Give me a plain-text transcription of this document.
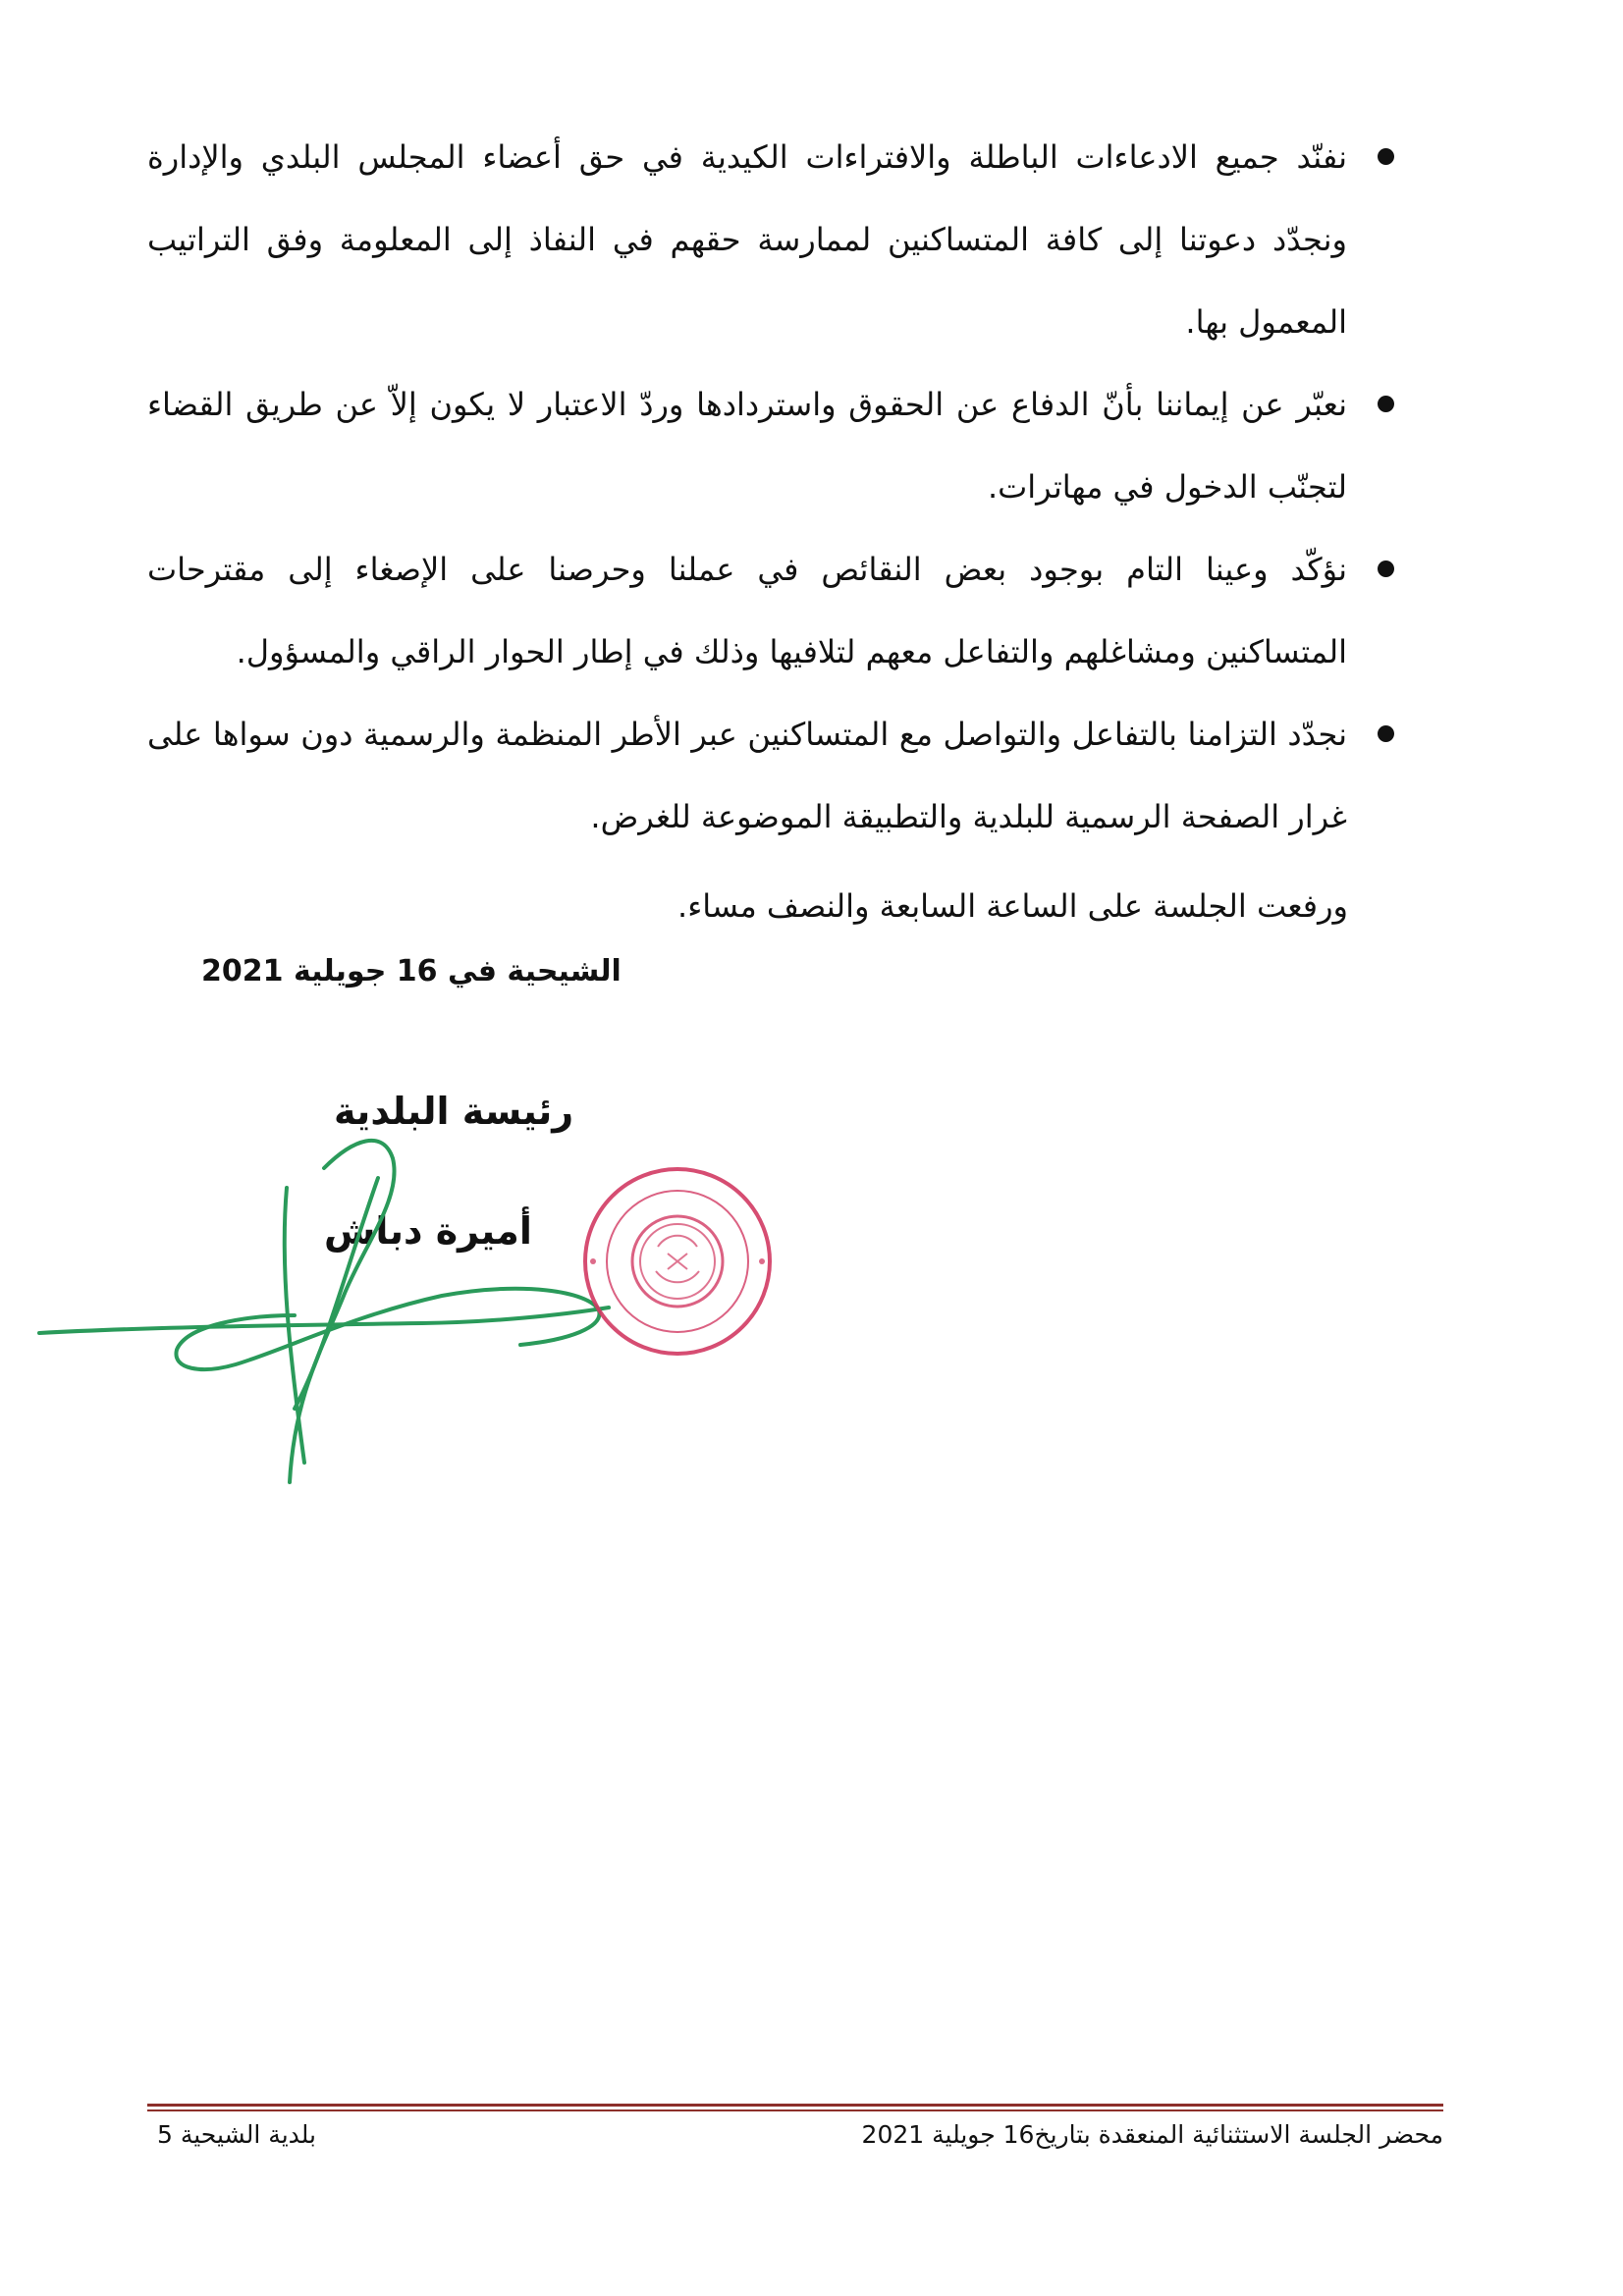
نفنّد جميع الادعاءات الباطلة والافتراءات الكيدية في حق أعضاء المجلس البلدي والإدارة ونجدّد دعوتنا إلى كافة المتساكنين لممارسة حقهم في النفاذ إلى المعلومة وفق التراتيب المعمول بها.
نعبّر عن إيماننا بأنّ الدفاع عن الحقوق واستردادها وردّ الاعتبار لا يكون إلاّ عن طريق القضاء لتجنّب الدخول في مهاترات.
نؤكّد وعينا التام بوجود بعض النقائص في عملنا وحرصنا على الإصغاء إلى مقترحات المتساكنين ومشاغلهم والتفاعل معهم لتلافيها وذلك في إطار الحوار الراقي والمسؤول.
نجدّد التزامنا بالتفاعل والتواصل مع المتساكنين عبر الأطر المنظمة والرسمية دون سواها على غرار الصفحة الرسمية للبلدية والتطبيقة الموضوعة للغرض.
ورفعت الجلسة على الساعة السابعة والنصف مساء.
الشيحية في 16 جويلية 2021
رئيسة البلدية
أميرة دباش
محضر الجلسة الاستثنائية المنعقدة بتاريخ16 جويلية 2021
بلدية الشيحية 5
